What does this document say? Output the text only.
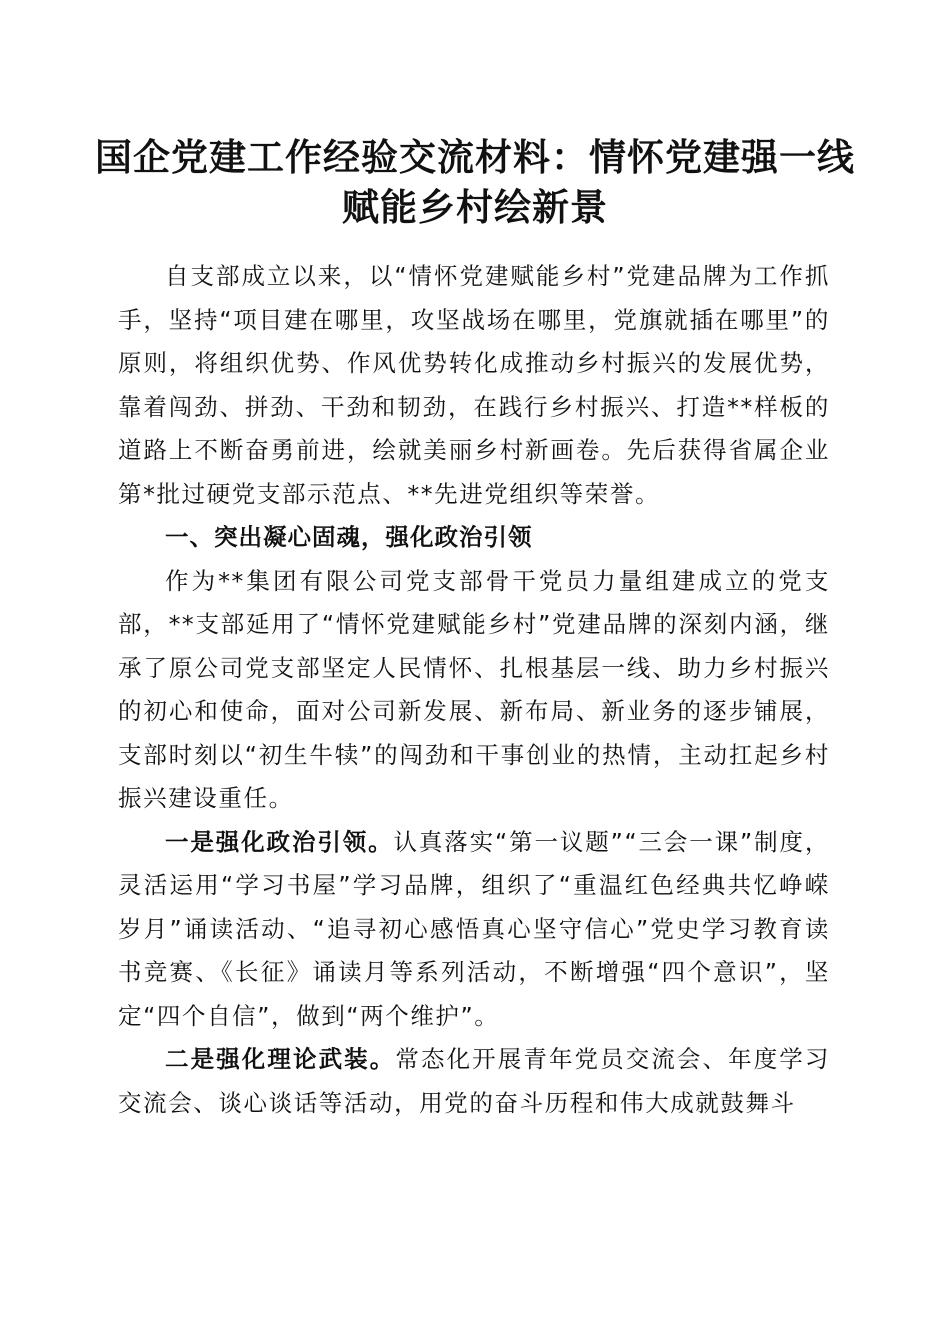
国企党建工作经验交流材料：情怀党建强一线
赋能乡村绘新景

自支部成立以来，以“情怀党建赋能乡村”党建品牌为工作抓手，坚持“项目建在哪里，攻坚战场在哪里，党旗就插在哪里”的原则，将组织优势、作风优势转化成推动乡村振兴的发展优势，靠着闯劲、拼劲、干劲和韧劲，在践行乡村振兴、打造**样板的道路上不断奋勇前进，绘就美丽乡村新画卷。先后获得省属企业第*批过硬党支部示范点、**先进党组织等荣誉。

一、突出凝心固魂，强化政治引领

作为**集团有限公司党支部骨干党员力量组建成立的党支部，**支部延用了“情怀党建赋能乡村”党建品牌的深刻内涵，继承了原公司党支部坚定人民情怀、扎根基层一线、助力乡村振兴的初心和使命，面对公司新发展、新布局、新业务的逐步铺展，支部时刻以“初生牛犊”的闯劲和干事创业的热情，主动扛起乡村振兴建设重任。

一是强化政治引领。认真落实“第一议题”“三会一课”制度，灵活运用“学习书屋”学习品牌，组织了“重温红色经典共忆峥嵘岁月”诵读活动、“追寻初心感悟真心坚守信心”党史学习教育读书竞赛、《长征》诵读月等系列活动，不断增强“四个意识”，坚定“四个自信”，做到“两个维护”。

二是强化理论武装。常态化开展青年党员交流会、年度学习交流会、谈心谈话等活动，用党的奋斗历程和伟大成就鼓舞斗
